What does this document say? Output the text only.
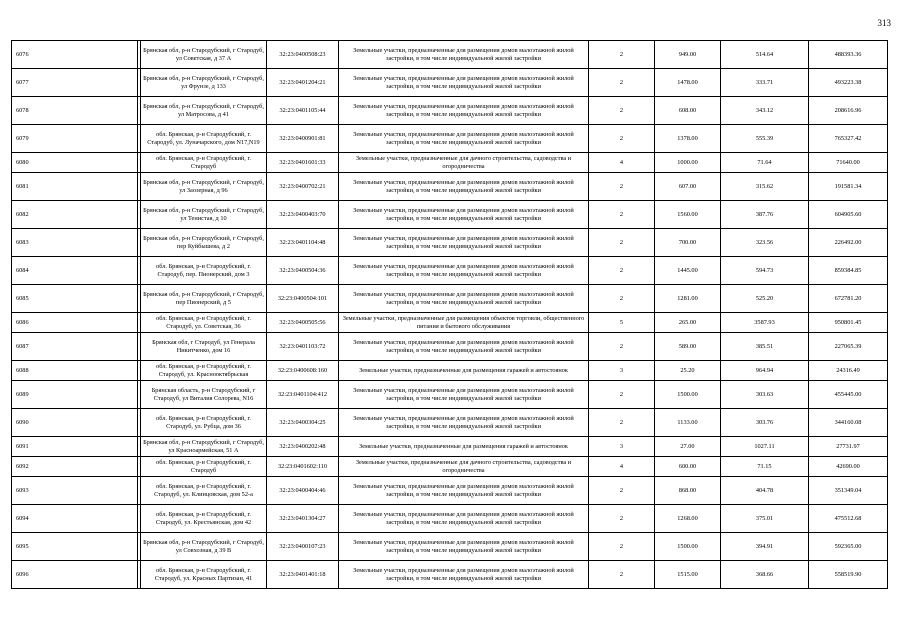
313
6076		Брянская обл, р-н Стародубский, г Стародуб, ул Советская, д 37 А	32:23:0400508:23	Земельные участки, предназначенные для размещения домов малоэтажной жилой застройки, в том числе индивидуальной жилой застройки	2	949.00	514.64	488393.36
6077		Брянская обл, р-н Стародубский, г Стародуб, ул Фрунзе, д 133	32:23:0401204:21	Земельные участки, предназначенные для размещения домов малоэтажной жилой застройки, в том числе индивидуальной жилой застройки	2	1478.00	333.71	493223.38
6078		Брянская обл, р-н Стародубский, г Стародуб, ул Матросова, д 41	32:23:0401105:44	Земельные участки, предназначенные для размещения домов малоэтажной жилой застройки, в том числе индивидуальной жилой застройки	2	608.00	343.12	208616.96
6079		обл. Брянская, р-н Стародубский, г. Стародуб, ул. Луначарского, дом N17,N19	32:23:0400901:81	Земельные участки, предназначенные для размещения домов малоэтажной жилой застройки, в том числе индивидуальной жилой застройки	2	1378.00	555.39	765327.42
6080		обл. Брянская, р-н Стародубский, г. Стародуб	32:23:0401601:33	Земельные участки, предназначенные для дачного строительства, садоводства и огородничества	4	1000.00	71.64	71640.00
6081		Брянская обл, р-н Стародубский, г Стародуб, ул Заозерная, д 96	32:23:0400702:21	Земельные участки, предназначенные для размещения домов малоэтажной жилой застройки, в том числе индивидуальной жилой застройки	2	607.00	315.62	191581.34
6082		Брянская обл, р-н Стародубский, г Стародуб, ул Тенистая, д 10	32:23:0400403:70	Земельные участки, предназначенные для размещения домов малоэтажной жилой застройки, в том числе индивидуальной жилой застройки	2	1560.00	387.76	604905.60
6083		Брянская обл, р-н Стародубский, г Стародуб, пер Куйбышева, д 2	32:23:0401104:48	Земельные участки, предназначенные для размещения домов малоэтажной жилой застройки, в том числе индивидуальной жилой застройки	2	700.00	323.56	226492.00
6084		обл. Брянская, р-н Стародубский, г. Стародуб, пер. Пионерский, дом 3	32:23:0400504:36	Земельные участки, предназначенные для размещения домов малоэтажной жилой застройки, в том числе индивидуальной жилой застройки	2	1445.00	594.73	859384.85
6085		Брянская обл, р-н Стародубский, г Стародуб, пер Пионерский, д 5	32:23:0400504:101	Земельные участки, предназначенные для размещения домов малоэтажной жилой застройки, в том числе индивидуальной жилой застройки	2	1281.00	525.20	672781.20
6086		обл. Брянская, р-н Стародубский, г. Стародуб, ул. Советская, 36	32:23:0400505:56	Земельные участки, предназначенные для размещения объектов торговли, общественного питания и бытового обслуживания	5	265.00	3587.93	950801.45
6087		Брянская обл, г Стародуб, ул Генерала Никитченко, дом 16	32:23:0401103:72	Земельные участки, предназначенные для размещения домов малоэтажной жилой застройки, в том числе индивидуальной жилой застройки	2	589.00	385.51	227065.39
6088		обл. Брянская, р-н Стародубский, г. Стародуб, ул. Краснооктябрьская	32:23:0400608:160	Земельные участки, предназначенные для размещения гаражей и автостоянок	3	25.20	964.94	24316.49
6089		Брянская область, р-н Стародубский, г Стародуб, ул Виталия Солорева, N16	32:23:0401104:412	Земельные участки, предназначенные для размещения домов малоэтажной жилой застройки, в том числе индивидуальной жилой застройки	2	1500.00	303.63	455445.00
6090		обл. Брянская, р-н Стародубский, г. Стародуб, ул. Рубца, дом 36	32:23:0400304:25	Земельные участки, предназначенные для размещения домов малоэтажной жилой застройки, в том числе индивидуальной жилой застройки	2	1133.00	303.76	344160.08
6091		Брянская обл, р-н Стародубский, г Стародуб, ул Красноармейская, 51 А	32:23:0400202:48	Земельные участки, предназначенные для размещения гаражей и автостоянок	3	27.00	1027.11	27731.97
6092		обл. Брянская, р-н Стародубский, г. Стародуб	32:23:0401602:110	Земельные участки, предназначенные для дачного строительства, садоводства и огородничества	4	600.00	71.15	42690.00
6093		обл. Брянская, р-н Стародубский, г. Стародуб, ул. Клинцовская, дом 52-а	32:23:0400404:46	Земельные участки, предназначенные для размещения домов малоэтажной жилой застройки, в том числе индивидуальной жилой застройки	2	868.00	404.78	351349.04
6094		обл. Брянская, р-н Стародубский, г. Стародуб, ул. Крестьянская, дом 42	32:23:0401304:27	Земельные участки, предназначенные для размещения домов малоэтажной жилой застройки, в том числе индивидуальной жилой застройки	2	1268.00	375.01	475512.68
6095		Брянская обл, р-н Стародубский, г Стародуб, ул Совхозная, д 39 В	32:23:0400107:23	Земельные участки, предназначенные для размещения домов малоэтажной жилой застройки, в том числе индивидуальной жилой застройки	2	1500.00	394.91	592365.00
6096		обл. Брянская, р-н Стародубский, г. Стародуб, ул. Красных Партизан, 41	32:23:0401401:18	Земельные участки, предназначенные для размещения домов малоэтажной жилой застройки, в том числе индивидуальной жилой застройки	2	1515.00	368.66	558519.90
